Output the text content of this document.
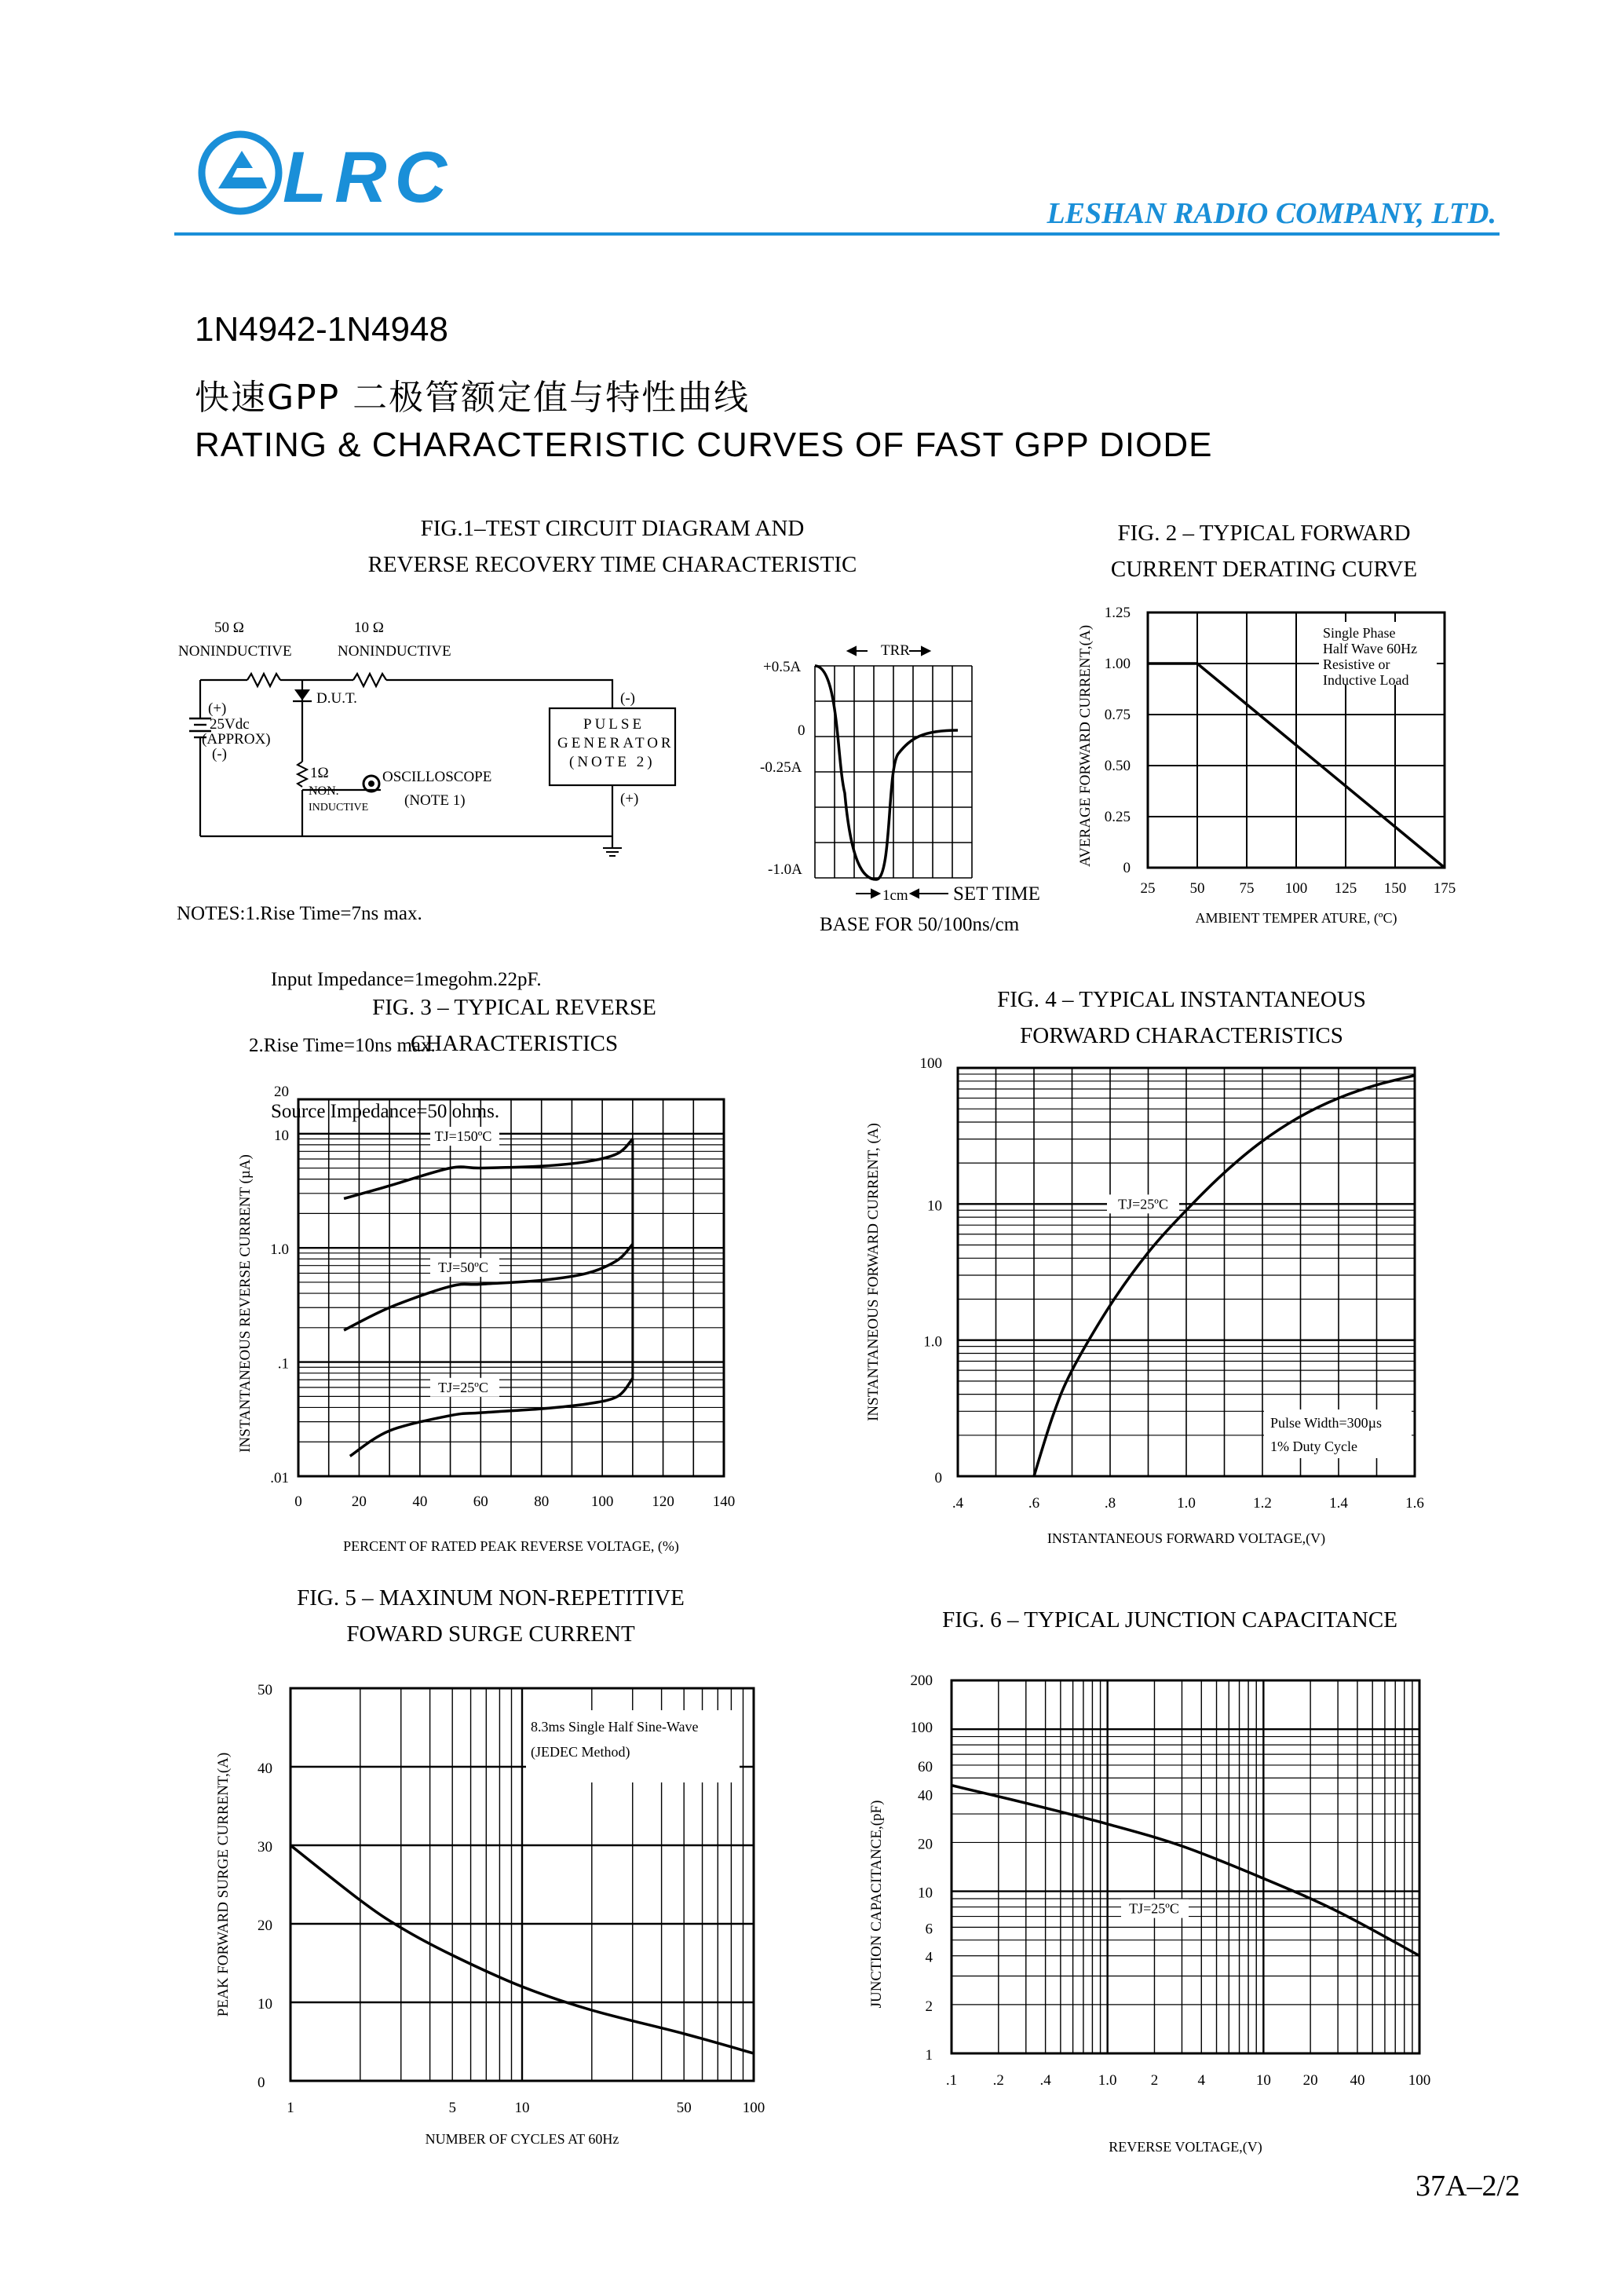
LRC	LESHAN RADIO COMPANY, LTD.
1N4942-1N4948
快速GPP 二极管额定值与特性曲线
RATING & CHARACTERISTIC CURVES OF FAST GPP DIODE
FIG.1–TEST CIRCUIT DIAGRAM AND
REVERSE RECOVERY TIME CHARACTERISTIC
50 Ω
NONINDUCTIVE
10 Ω
NONINDUCTIVE
D.U.T.
(+)
25Vdc
(APPROX)
(-)
1Ω
NON.
INDUCTIVE
OSCILLOSCOPE
(NOTE 1)
(-)
PULSE
GENERATOR
(NOTE 2)
(+)

NOTES:1.Rise Time=7ns max.

Input Impedance=1megohm.22pF.

2.Rise Time=10ns max.

Source Impedance=50 ohms.

+0.5A
0
-0.25A
-1.0A
TRR
1cm SET TIME
BASE FOR 50/100ns/cm
FIG. 2 – TYPICAL FORWARD
CURRENT DERATING CURVE
25 50 75 100 125 150 175
0
0.25
0.50
0.75
1.00
1.25
Single Phase
Half Wave 60Hz
Resistive or
Inductive Load
AMBIENT TEMPER ATURE, (ºC)
AVERAGE FORWARD CURRENT,(A)
FIG. 3 – TYPICAL REVERSE
CHARACTERISTICS
0	20	40	60	80	100	120	140
.01
.1
1.0
10
20
TJ=150ºC
TJ=50ºC
TJ=25ºC
PERCENT OF RATED PEAK REVERSE VOLTAGE, (%)
INSTANTANEOUS REVERSE CURRENT (µA)
FIG. 4 – TYPICAL INSTANTANEOUS
FORWARD CHARACTERISTICS
.4	.6	.8	1.0	1.2	1.4	1.6
0
1.0
10
100
TJ=25ºC
Pulse Width=300µs
1% Duty Cycle
INSTANTANEOUS FORWARD VOLTAGE,(V)
INSTANTANEOUS FORWARD CURRENT, (A)
FIG. 5 – MAXINUM NON-REPETITIVE
FOWARD SURGE CURRENT
1	5	10	50	100
0
10
20
30
40
50
8.3ms Single Half Sine-Wave
(JEDEC Method)
NUMBER OF CYCLES AT 60Hz
PEAK FORWARD SURGE CURRENT,(A)
FIG. 6 – TYPICAL JUNCTION CAPACITANCE
.1 .2 .4	1.0 2	4	10 20 40	100
1
2
4
6
10
20
40
60
100
200
TJ=25ºC
REVERSE VOLTAGE,(V)
JUNCTION CAPACITANCE,(pF)
37A–2/2
